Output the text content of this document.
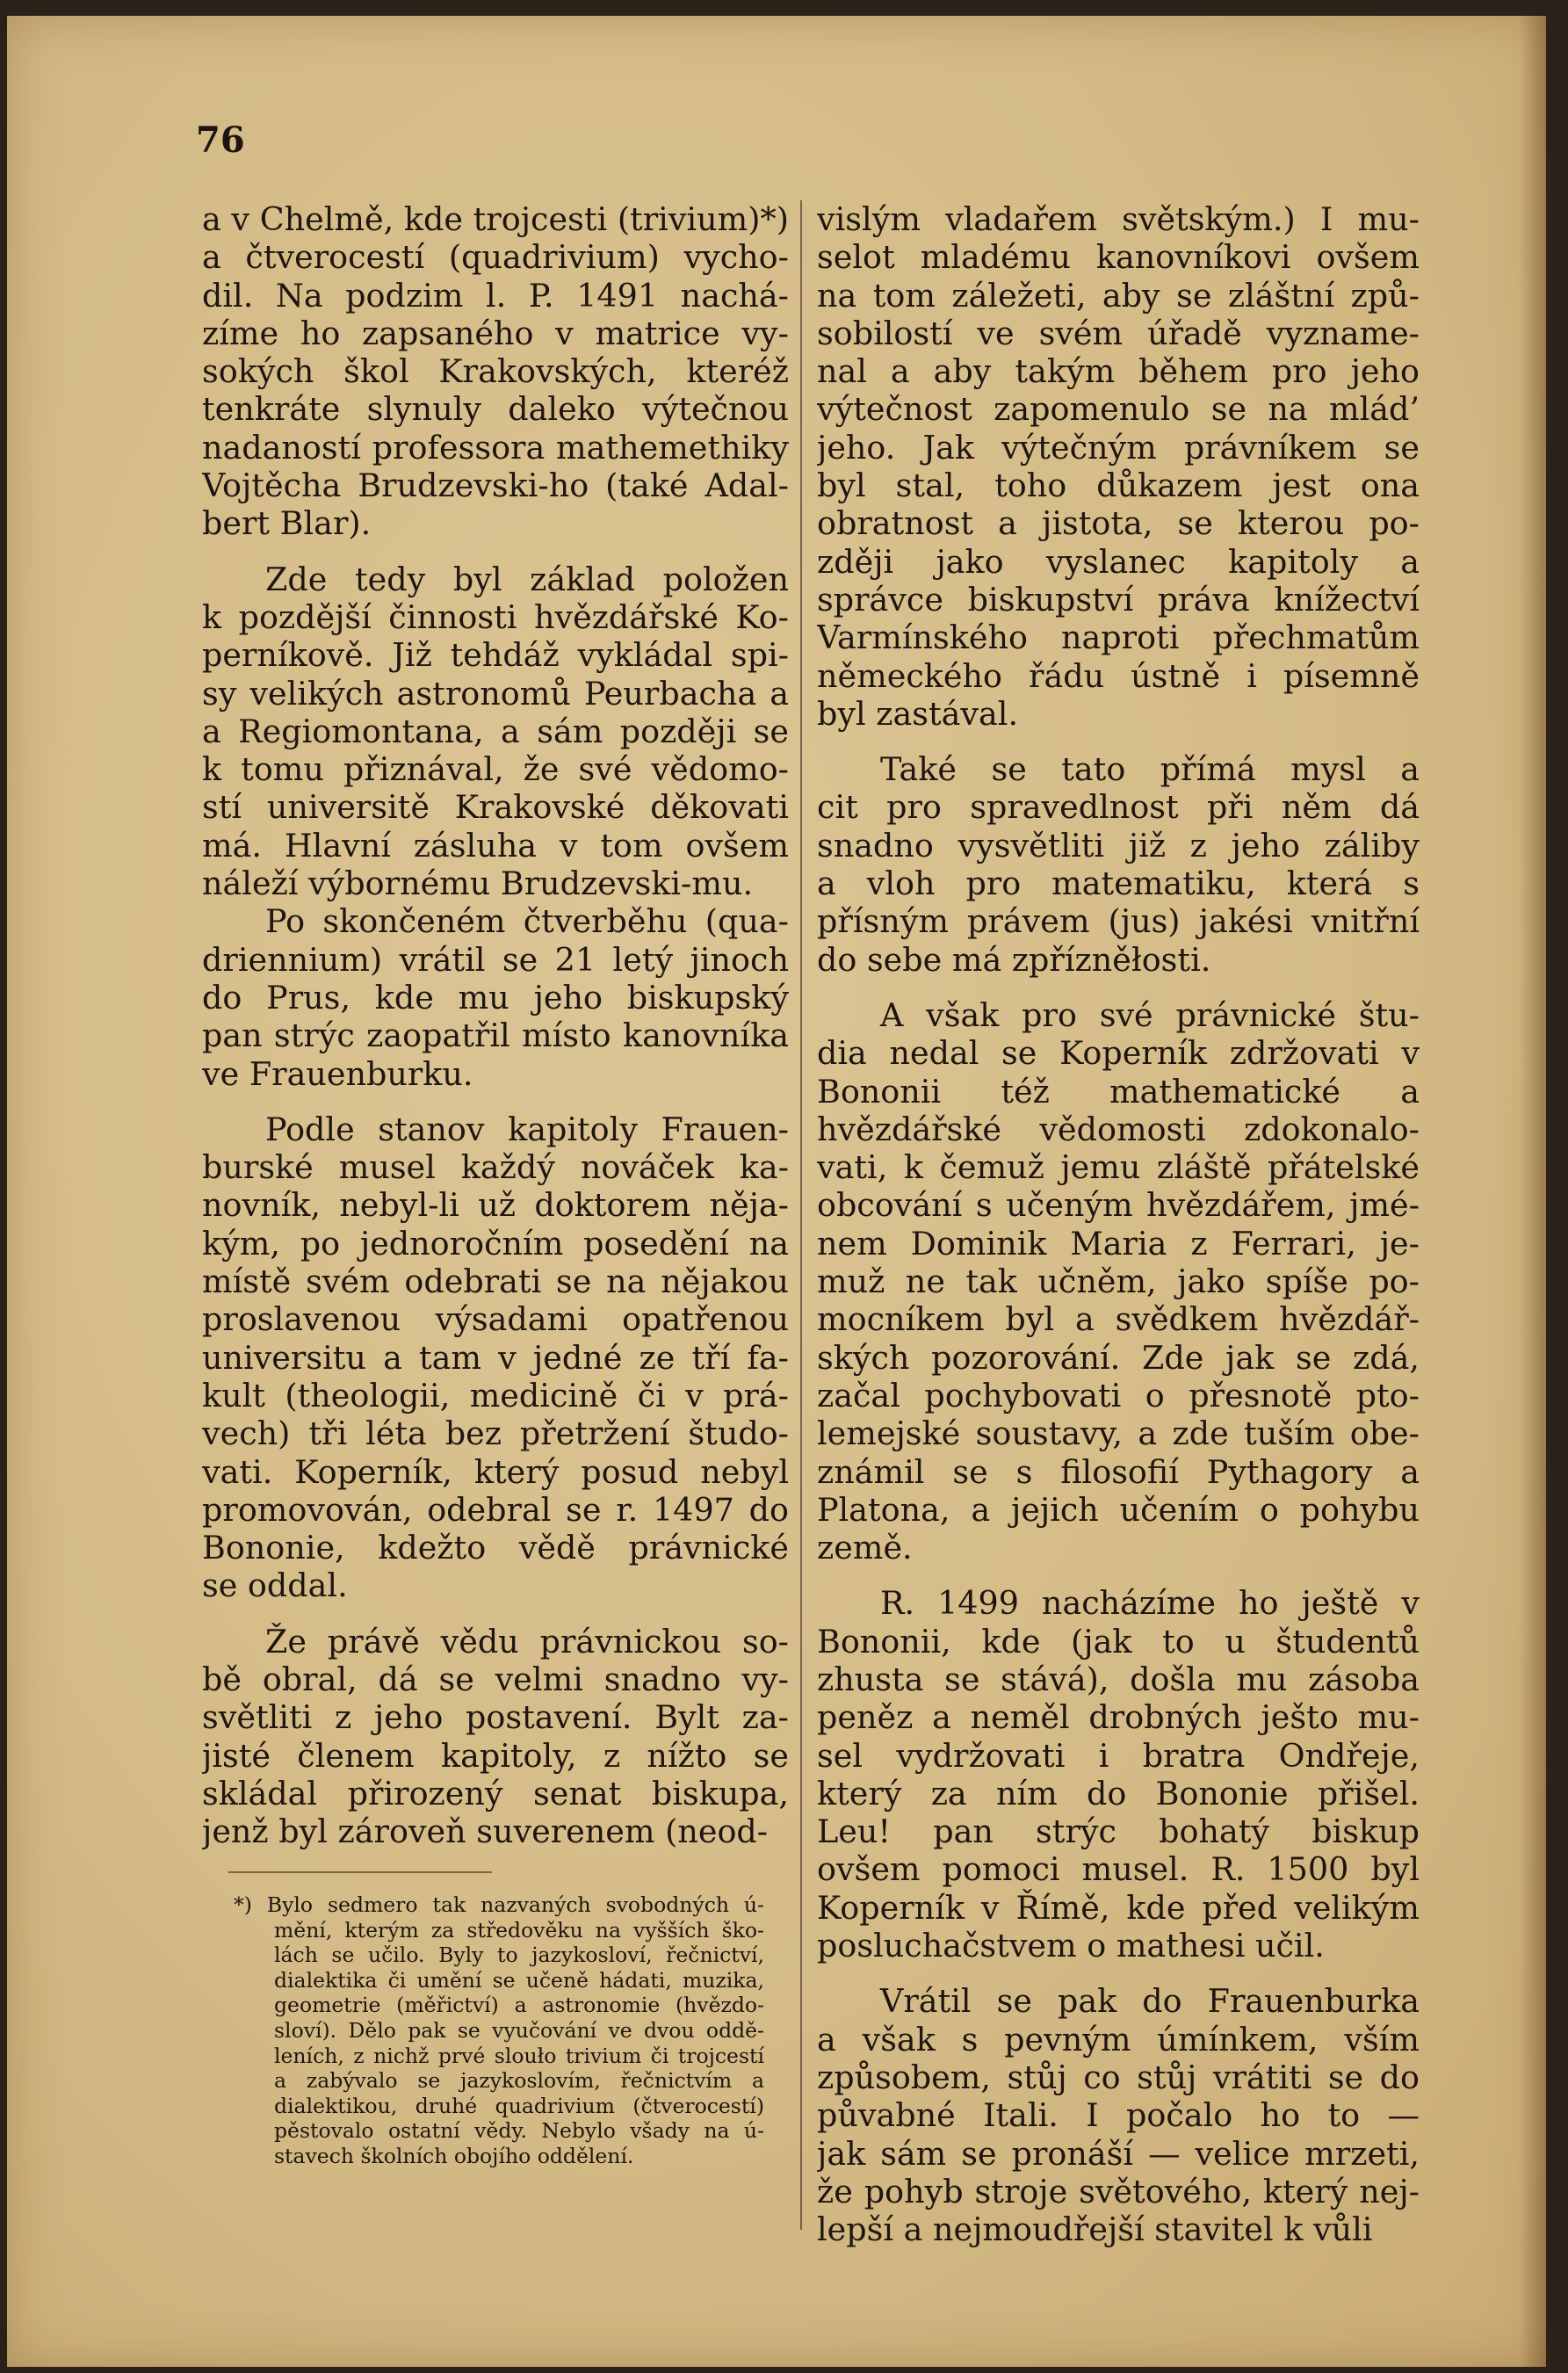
76

a v Chelmě, kde trojcesti (trivium)*)
a čtverocestí (quadrivium) vycho-
dil. Na podzim l. P. 1491 nachá-
zíme ho zapsaného v matrice vy-
sokých škol Krakovských, kteréž
tenkráte slynuly daleko výtečnou
nadaností professora mathemethiky
Vojtěcha Brudzevski-ho (také Adal-
bert Blar).

Zde tedy byl základ položen
k pozdější činnosti hvězdářské Ko-
perníkově. Již tehdáž vykládal spi-
sy velikých astronomů Peurbacha a
a Regiomontana, a sám později se
k tomu přiznával, že své vědomo-
stí universitě Krakovské děkovati
má. Hlavní zásluha v tom ovšem
náleží výbornému Brudzevski-mu.

Po skončeném čtverběhu (qua-
driennium) vrátil se 21 letý jinoch
do Prus, kde mu jeho biskupský
pan strýc zaopatřil místo kanovníka
ve Frauenburku.

Podle stanov kapitoly Frauen-
burské musel každý nováček ka-
novník, nebyl-li už doktorem něja-
kým, po jednoročním posedění na
místě svém odebrati se na nějakou
proslavenou výsadami opatřenou
universitu a tam v jedné ze tří fa-
kult (theologii, medicině či v prá-
vech) tři léta bez přetržení študo-
vati. Koperník, který posud nebyl
promovován, odebral se r. 1497 do
Bononie, kdežto vědě právnické
se oddal.

Že právě vědu právnickou so-
bě obral, dá se velmi snadno vy-
světliti z jeho postavení. Bylt za-
jisté členem kapitoly, z nížto se
skládal přirozený senat biskupa,
jenž byl zároveň suverenem (neod-

vislým vladařem světským.) I mu-
selot mladému kanovníkovi ovšem
na tom záležeti, aby se zláštní způ-
sobilostí ve svém úřadě vyzname-
nal a aby takým během pro jeho
výtečnost zapomenulo se na mlád’
jeho. Jak výtečným právníkem se
byl stal, toho důkazem jest ona
obratnost a jistota, se kterou po-
zději jako vyslanec kapitoly a
správce biskupství práva knížectví
Varmínského naproti přechmatům
německého řádu ústně i písemně
byl zastával.

Také se tato přímá mysl a
cit pro spravedlnost při něm dá
snadno vysvětliti již z jeho záliby
a vloh pro matematiku, která s
přísným právem (jus) jakési vnitřní
do sebe má zpřízněłosti.

A však pro své právnické štu-
dia nedal se Koperník zdržovati v
Bononii též mathematické a
hvězdářské vědomosti zdokonalo-
vati, k čemuž jemu zláště přátelské
obcování s učeným hvězdářem, jmé-
nem Dominik Maria z Ferrari, je-
muž ne tak učněm, jako spíše po-
mocníkem byl a svědkem hvězdář-
ských pozorování. Zde jak se zdá,
začal pochybovati o přesnotě pto-
lemejské soustavy, a zde tuším obe-
známil se s filosofií Pythagory a
Platona, a jejich učením o pohybu
země.

R. 1499 nacházíme ho ještě v
Bononii, kde (jak to u študentů
zhusta se stává), došla mu zásoba
peněz a neměl drobných ješto mu-
sel vydržovati i bratra Ondřeje,
který za ním do Bononie přišel.
Leu! pan strýc bohatý biskup
ovšem pomoci musel. R. 1500 byl
Koperník v Římě, kde před velikým
posluchačstvem o mathesi učil.

Vrátil se pak do Frauenburka
a však s pevným úmínkem, vším
způsobem, stůj co stůj vrátiti se do
půvabné Itali. I počalo ho to —
jak sám se pronáší — velice mrzeti,
že pohyb stroje světového, který nej-
lepší a nejmoudřejší stavitel k vůli

*) Bylo sedmero tak nazvaných svobodných ú-
mění, kterým za středověku na vyšších ško-
lách se učilo. Byly to jazykosloví, řečnictví,
dialektika či umění se učeně hádati, muzika,
geometrie (měřictví) a astronomie (hvězdo-
sloví). Dělo pak se vyučování ve dvou oddě-
leních, z nichž prvé slouło trivium či trojcestí
a zabývalo se jazykoslovím, řečnictvím a
dialektikou, druhé quadrivium (čtverocestí)
pěstovalo ostatní vědy. Nebylo všady na ú-
stavech školních obojího oddělení.
